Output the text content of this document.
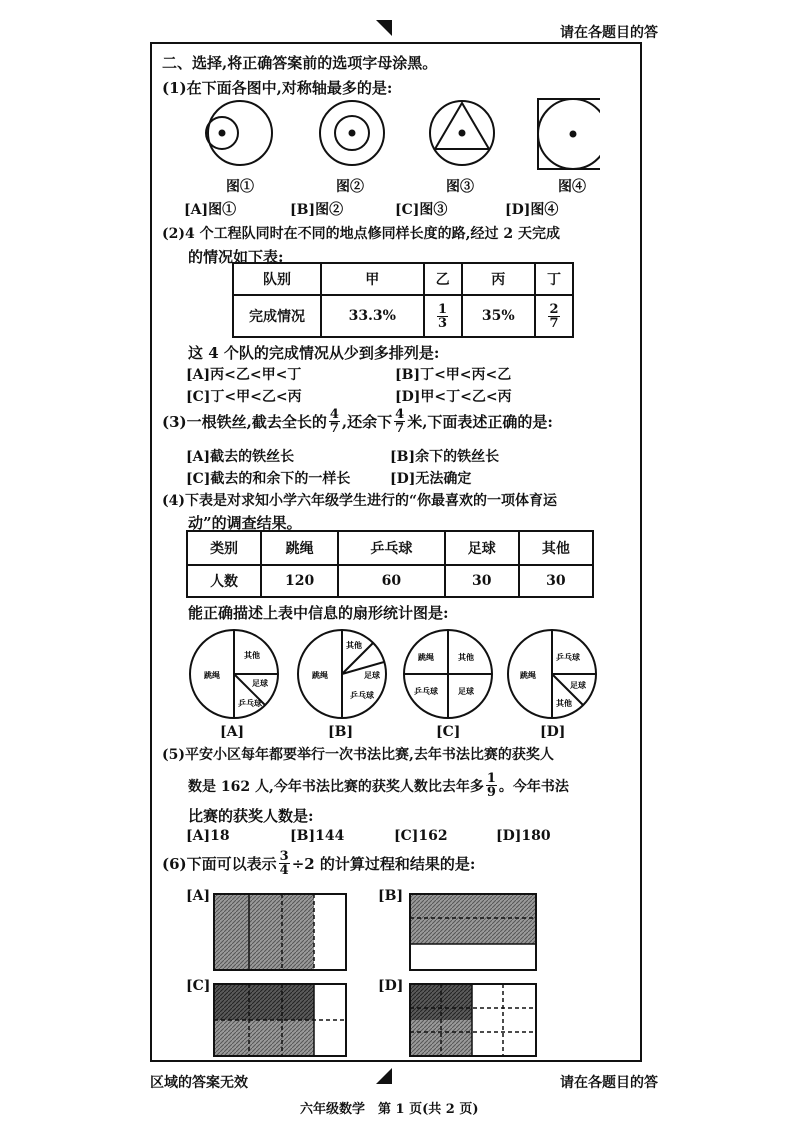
请在各题目的答
区域的答案无效	请在各题目的答
六年级数学　第 1 页(共 2 页)
二、选择,将正确答案前的选项字母涂黑。
(1)在下面各图中,对称轴最多的是:
图①	图②	图③	图④
[A]图①	[B]图②	[C]图③	[D]图④
(2)4 个工程队同时在不同的地点修同样长度的路,经过 2 天完成
的情况如下表:
队别	甲	乙	丙	丁
完成情况	33.3%	$\frac{1}{3}$	35%	$\frac{2}{7}$
这 4 个队的完成情况从少到多排列是:
[A]丙<乙<甲<丁	[B]丁<甲<丙<乙
[C]丁<甲<乙<丙	[D]甲<丁<乙<丙
(3)一根铁丝,截去全长的 $\frac{4}{7}$ ,还余下 $\frac{4}{7}$ 米,下面表述正确的是:
[A]截去的铁丝长	[B]余下的铁丝长
[C]截去的和余下的一样长	[D]无法确定
(4)下表是对求知小学六年级学生进行的“你最喜欢的一项体育运
动”的调查结果。
类别	跳绳	乒乓球	足球	其他
人数	120	60	30	30
能正确描述上表中信息的扇形统计图是:
跳绳
其他
足球
乒乓球
跳绳
其他
足球
乒乓球
跳绳	其他
足球
乒乓球
跳绳
乒乓球
足球
其他
[A]	[B]	[C]	[D]
(5)平安小区每年都要举行一次书法比赛,去年书法比赛的获奖人
数是 162 人,今年书法比赛的获奖人数比去年多 $\frac{1}{9}$ 。今年书法
比赛的获奖人数是:
[A]18	[B]144	[C]162	[D]180
(6)下面可以表示 $\frac{3}{4} \div 2$ 的计算过程和结果的是:
[A]	[B]
[C]	[D]
